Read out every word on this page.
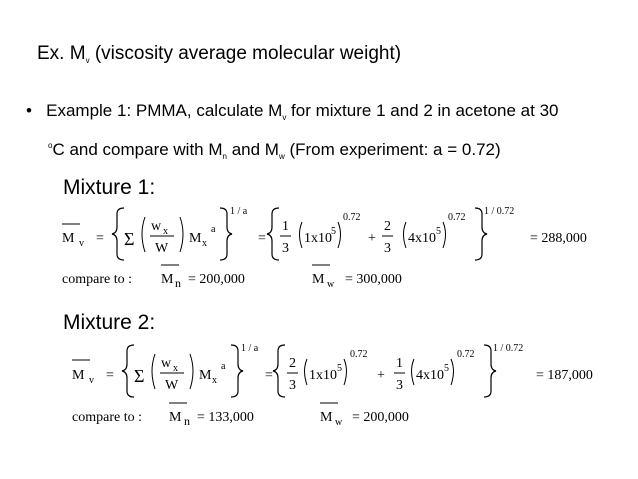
Ex. $M_v$ (viscosity average molecular weight)
• Example 1: PMMA, calculate $M_v$ for mixture 1 and 2 in acetone at 30
$^o$C and compare with $M_n$ and $M_w$ (From experiment: a = 0.72)
Mixture 1:
M v = Σ
w x
W
M x
a
1 / a
=
1
3
1x10 5
0.72
+
2
3
4x10 5
0.72
1 / 0.72
= 288,000
compare to : M n = 200,000	M w = 300,000
Mixture 2:
M v = Σ
w x
W
M x
a
1 / a
=
2
3
1x10 5
0.72
+
1
3
4x10 5
0.72
1 / 0.72
= 187,000
compare to : M n = 133,000	M w = 200,000
